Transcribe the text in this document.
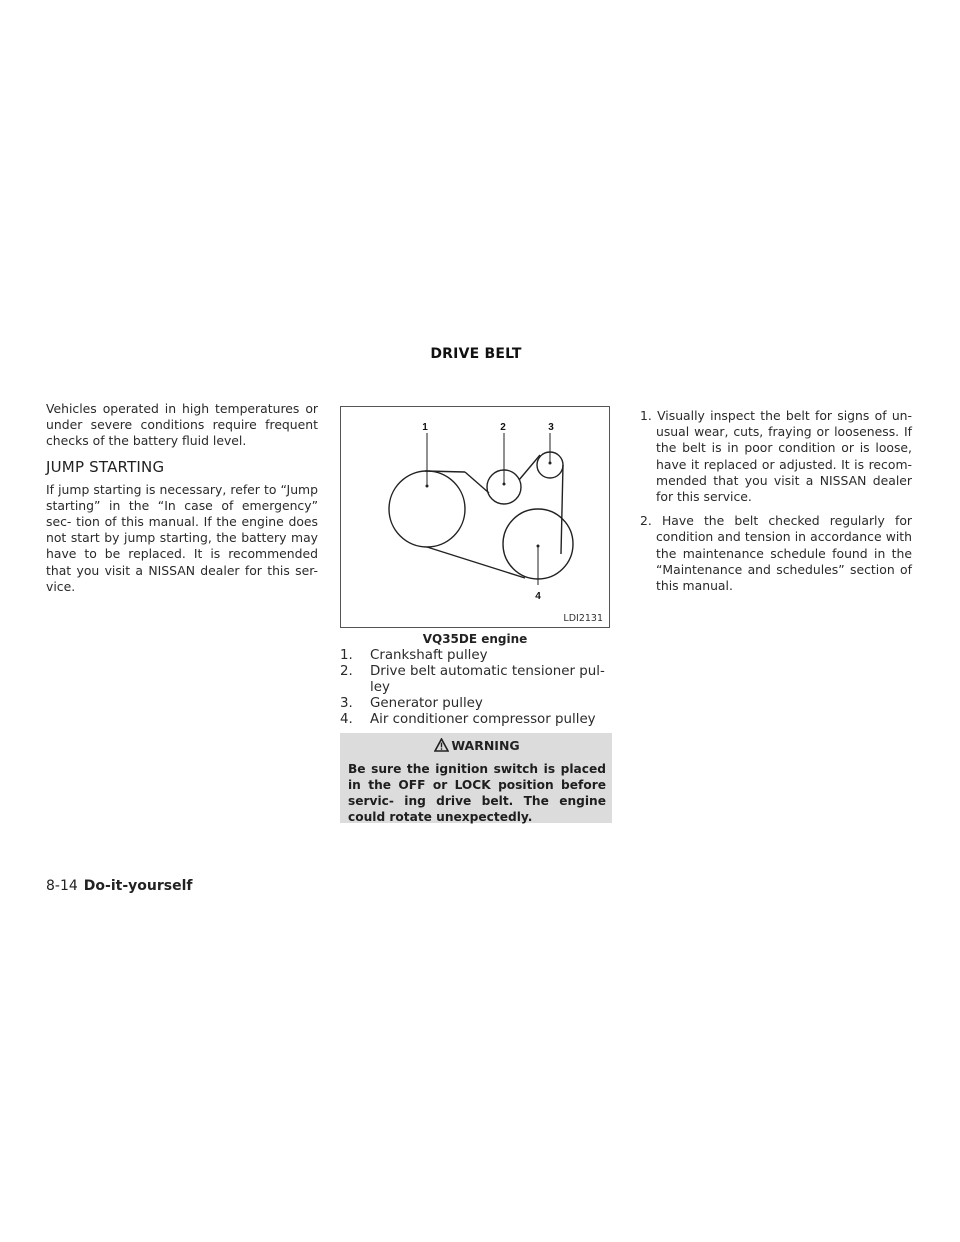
DRIVE BELT

Vehicles operated in high temperatures or under severe conditions require frequent checks of the battery fluid level.

JUMP STARTING

If jump starting is necessary, refer to “Jump starting” in the “In case of emergency” sec- tion of this manual. If the engine does not start by jump starting, the battery may have to be replaced. It is recommended that you visit a NISSAN dealer for this ser- vice.

1	2	3
4
LDI2131
VQ35DE engine
1.	Crankshaft pulley
2.	Drive belt automatic tensioner pul- ley
3.	Generator pulley
4.	Air conditioner compressor pulley
WARNING
Be sure the ignition switch is placed in the OFF or LOCK position before servic- ing drive belt. The engine could rotate unexpectedly.
1. Visually inspect the belt for signs of un- usual wear, cuts, fraying or looseness. If the belt is in poor condition or is loose, have it replaced or adjusted. It is recom- mended that you visit a NISSAN dealer for this service.
2. Have the belt checked regularly for condition and tension in accordance with the maintenance schedule found in the “Maintenance and schedules” section of this manual.
8-14 Do-it-yourself
